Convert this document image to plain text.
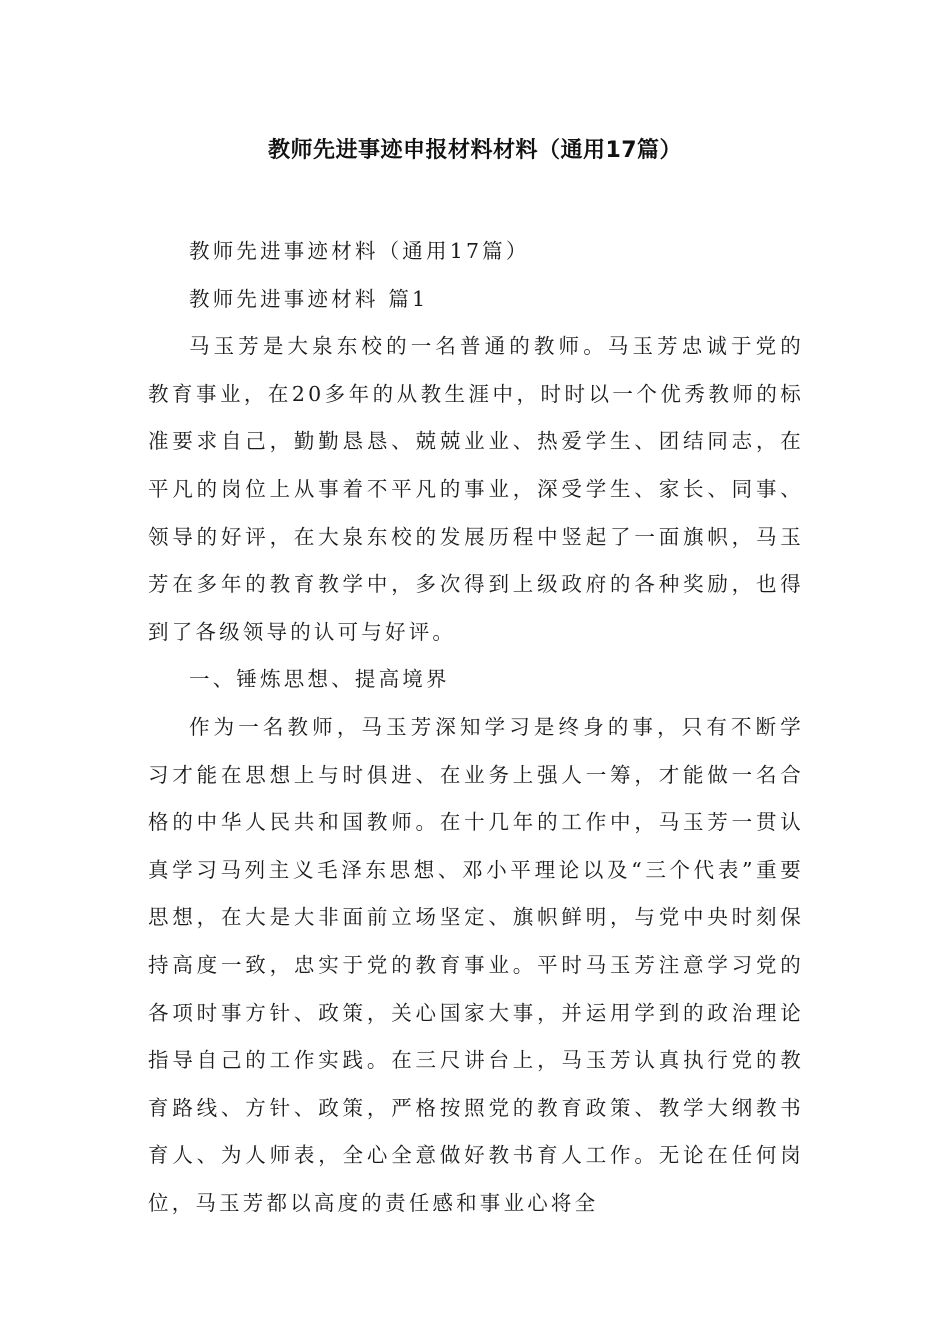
教师先进事迹申报材料材料（通用17篇）

教师先进事迹材料（通用17篇）

教师先进事迹材料 篇1

马玉芳是大泉东校的一名普通的教师。马玉芳忠诚于党的教育事业，在20多年的从教生涯中，时时以一个优秀教师的标准要求自己，勤勤恳恳、兢兢业业、热爱学生、团结同志，在平凡的岗位上从事着不平凡的事业，深受学生、家长、同事、领导的好评，在大泉东校的发展历程中竖起了一面旗帜，马玉芳在多年的教育教学中，多次得到上级政府的各种奖励，也得到了各级领导的认可与好评。

一、锤炼思想、提高境界

作为一名教师，马玉芳深知学习是终身的事，只有不断学习才能在思想上与时俱进、在业务上强人一筹，才能做一名合格的中华人民共和国教师。在十几年的工作中，马玉芳一贯认真学习马列主义毛泽东思想、邓小平理论以及“三个代表”重要思想，在大是大非面前立场坚定、旗帜鲜明，与党中央时刻保持高度一致，忠实于党的教育事业。平时马玉芳注意学习党的各项时事方针、政策，关心国家大事，并运用学到的政治理论指导自己的工作实践。在三尺讲台上，马玉芳认真执行党的教育路线、方针、政策，严格按照党的教育政策、教学大纲教书育人、为人师表，全心全意做好教书育人工作。无论在任何岗位，马玉芳都以高度的责任感和事业心将全
